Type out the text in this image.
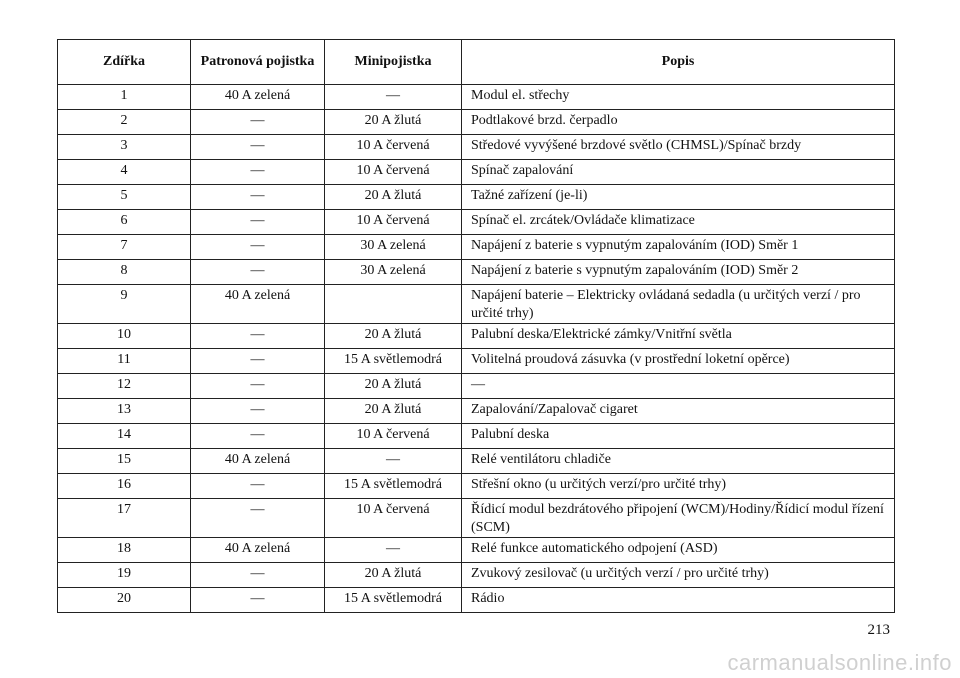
Zdířka	Patronová pojistka	Minipojistka	Popis
1	40 A zelená	—	Modul el. střechy
2	—	20 A žlutá	Podtlakové brzd. čerpadlo
3	—	10 A červená	Středové vyvýšené brzdové světlo (CHMSL)/Spínač brzdy
4	—	10 A červená	Spínač zapalování
5	—	20 A žlutá	Tažné zařízení (je-li)
6	—	10 A červená	Spínač el. zrcátek/Ovládače klimatizace
7	—	30 A zelená	Napájení z baterie s vypnutým zapalováním (IOD) Směr 1
8	—	30 A zelená	Napájení z baterie s vypnutým zapalováním (IOD) Směr 2
9	40 A zelená		Napájení baterie – Elektricky ovládaná sedadla (u určitých verzí / pro určité trhy)
10	—	20 A žlutá	Palubní deska/Elektrické zámky/Vnitřní světla
11	—	15 A světlemodrá	Volitelná proudová zásuvka (v prostřední loketní opěrce)
12	—	20 A žlutá	—
13	—	20 A žlutá	Zapalování/Zapalovač cigaret
14	—	10 A červená	Palubní deska
15	40 A zelená	—	Relé ventilátoru chladiče
16	—	15 A světlemodrá	Střešní okno (u určitých verzí/pro určité trhy)
17	—	10 A červená	Řídicí modul bezdrátového připojení (WCM)/Hodiny/Řídicí modul řízení (SCM)
18	40 A zelená	—	Relé funkce automatického odpojení (ASD)
19	—	20 A žlutá	Zvukový zesilovač (u určitých verzí / pro určité trhy)
20	—	15 A světlemodrá	Rádio
213
carmanualsonline.info
